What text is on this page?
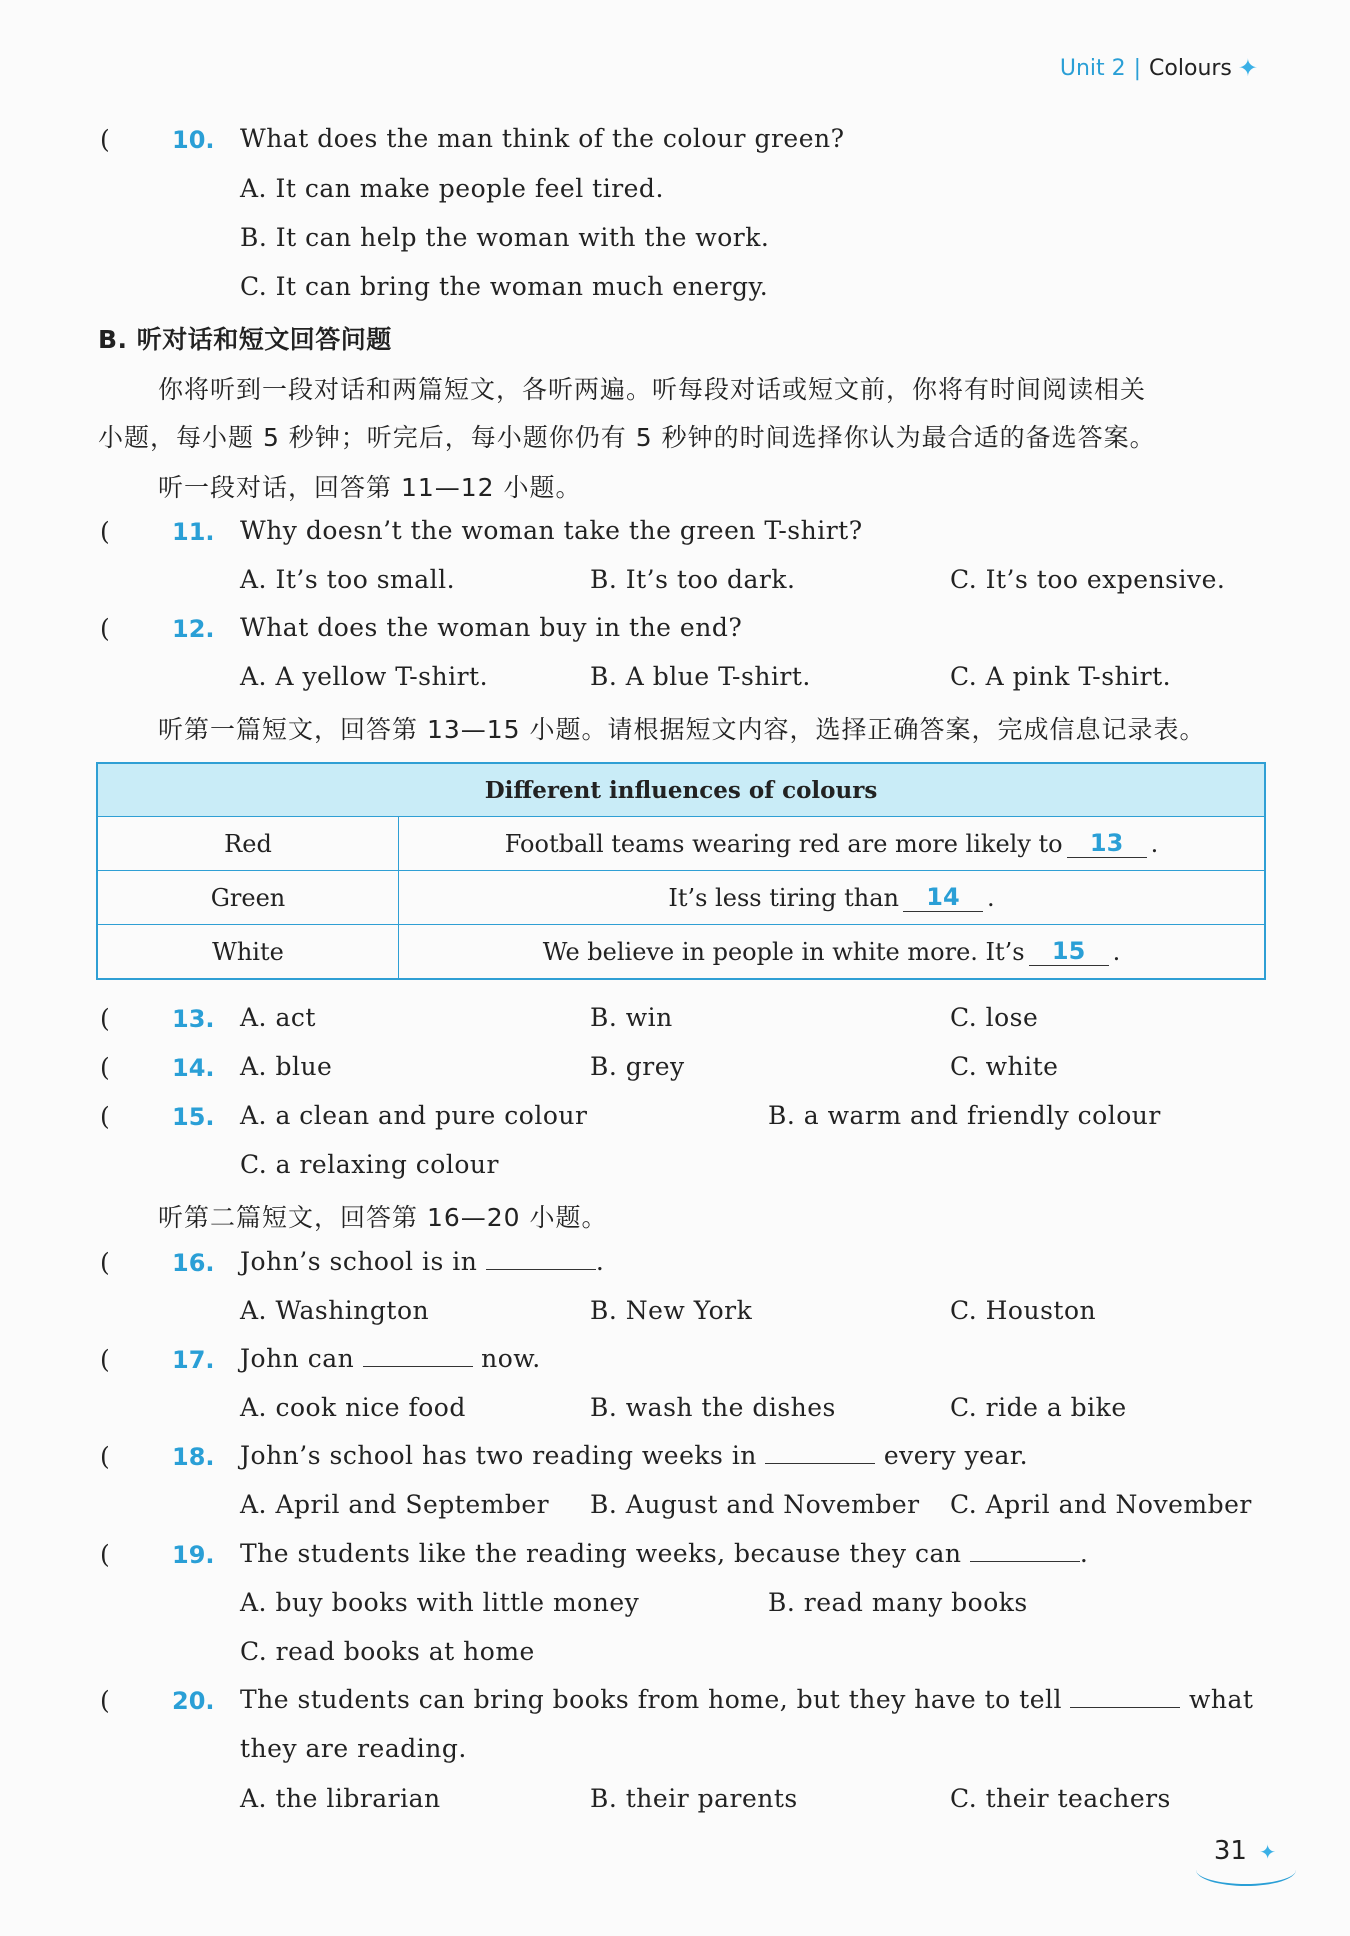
Unit 2 | Colours ✦
(	10. What does the man think of the colour green?
A. It can make people feel tired.
B. It can help the woman with the work.
C. It can bring the woman much energy.
B. 听对话和短文回答问题
你将听到一段对话和两篇短文，各听两遍。听每段对话或短文前，你将有时间阅读相关
小题，每小题 5 秒钟；听完后，每小题你仍有 5 秒钟的时间选择你认为最合适的备选答案。
听一段对话，回答第 11—12 小题。
(	11. Why doesn’t the woman take the green T-shirt?
A. It’s too small.	B. It’s too dark.	C. It’s too expensive.
(	12. What does the woman buy in the end?
A. A yellow T-shirt.	B. A blue T-shirt.	C. A pink T-shirt.
听第一篇短文，回答第 13—15 小题。请根据短文内容，选择正确答案，完成信息记录表。
Different influences of colours
Red	Football teams wearing red are more likely to	13	.
Green	It’s less tiring than	14	.
White	We believe in people in white more. It’s	15	.
(	13. A. act	B. win	C. lose
(	14. A. blue	B. grey	C. white
(	15. A. a clean and pure colour	B. a warm and friendly colour
C. a relaxing colour
听第二篇短文，回答第 16—20 小题。
(	16. John’s school is in	.
A. Washington	B. New York	C. Houston
(	17. John can	now.
A. cook nice food	B. wash the dishes	C. ride a bike
(	18. John’s school has two reading weeks in	every year.
A. April and September B. August and November C. April and November
(	19. The students like the reading weeks, because they can	.
A. buy books with little money	B. read many books
C. read books at home
(	20. The students can bring books from home, but they have to tell	what
they are reading.
A. the librarian	B. their parents	C. their teachers
31 ✦
